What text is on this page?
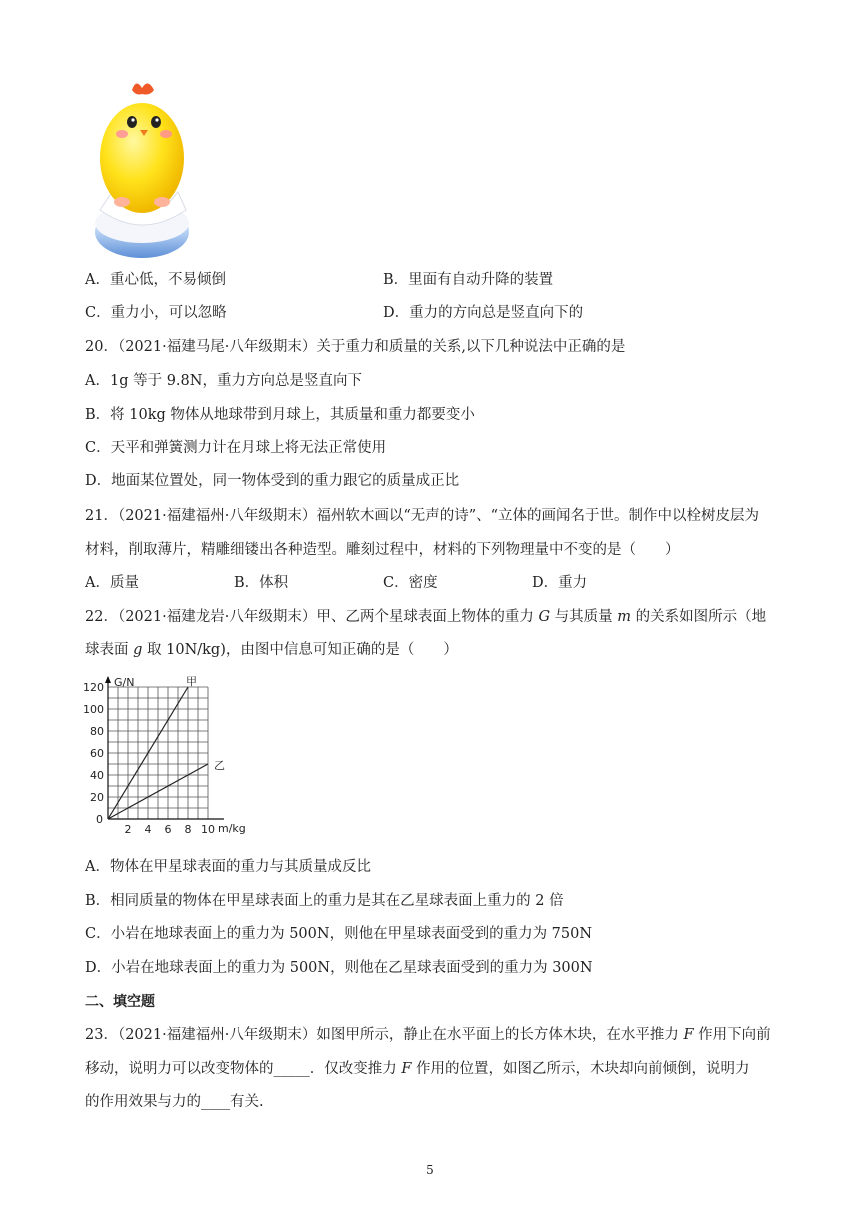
A．重心低，不易倾倒	B．里面有自动升降的装置
C．重力小，可以忽略	D．重力的方向总是竖直向下的
20．（2021·福建马尾·八年级期末）关于重力和质量的关系,以下几种说法中正确的是
A．1g 等于 9.8N，重力方向总是竖直向下
B．将 10kg 物体从地球带到月球上，其质量和重力都要变小
C．天平和弹簧测力计在月球上将无法正常使用
D．地面某位置处，同一物体受到的重力跟它的质量成正比
21．（2021·福建福州·八年级期末）福州软木画以“无声的诗”、“立体的画闻名于世。制作中以栓树皮层为
材料，削取薄片，精雕细镂出各种造型。雕刻过程中，材料的下列物理量中不变的是（　　）
A．质量	B．体积	C．密度	D．重力
22．（2021·福建龙岩·八年级期末）甲、乙两个星球表面上物体的重力 G 与其质量 m 的关系如图所示（地
球表面 g 取 10N/kg)，由图中信息可知正确的是（　　）
甲
乙
20
40
60
80
100
120
0
2 4 6 8 10
G/N
m/kg
A．物体在甲星球表面的重力与其质量成反比
B．相同质量的物体在甲星球表面上的重力是其在乙星球表面上重力的 2 倍
C．小岩在地球表面上的重力为 500N，则他在甲星球表面受到的重力为 750N
D．小岩在地球表面上的重力为 500N，则他在乙星球表面受到的重力为 300N
二、填空题
23．（2021·福建福州·八年级期末）如图甲所示，静止在水平面上的长方体木块，在水平推力 F 作用下向前
移动，说明力可以改变物体的_____．仅改变推力 F 作用的位置，如图乙所示，木块却向前倾倒，说明力
的作用效果与力的____有关.
5
